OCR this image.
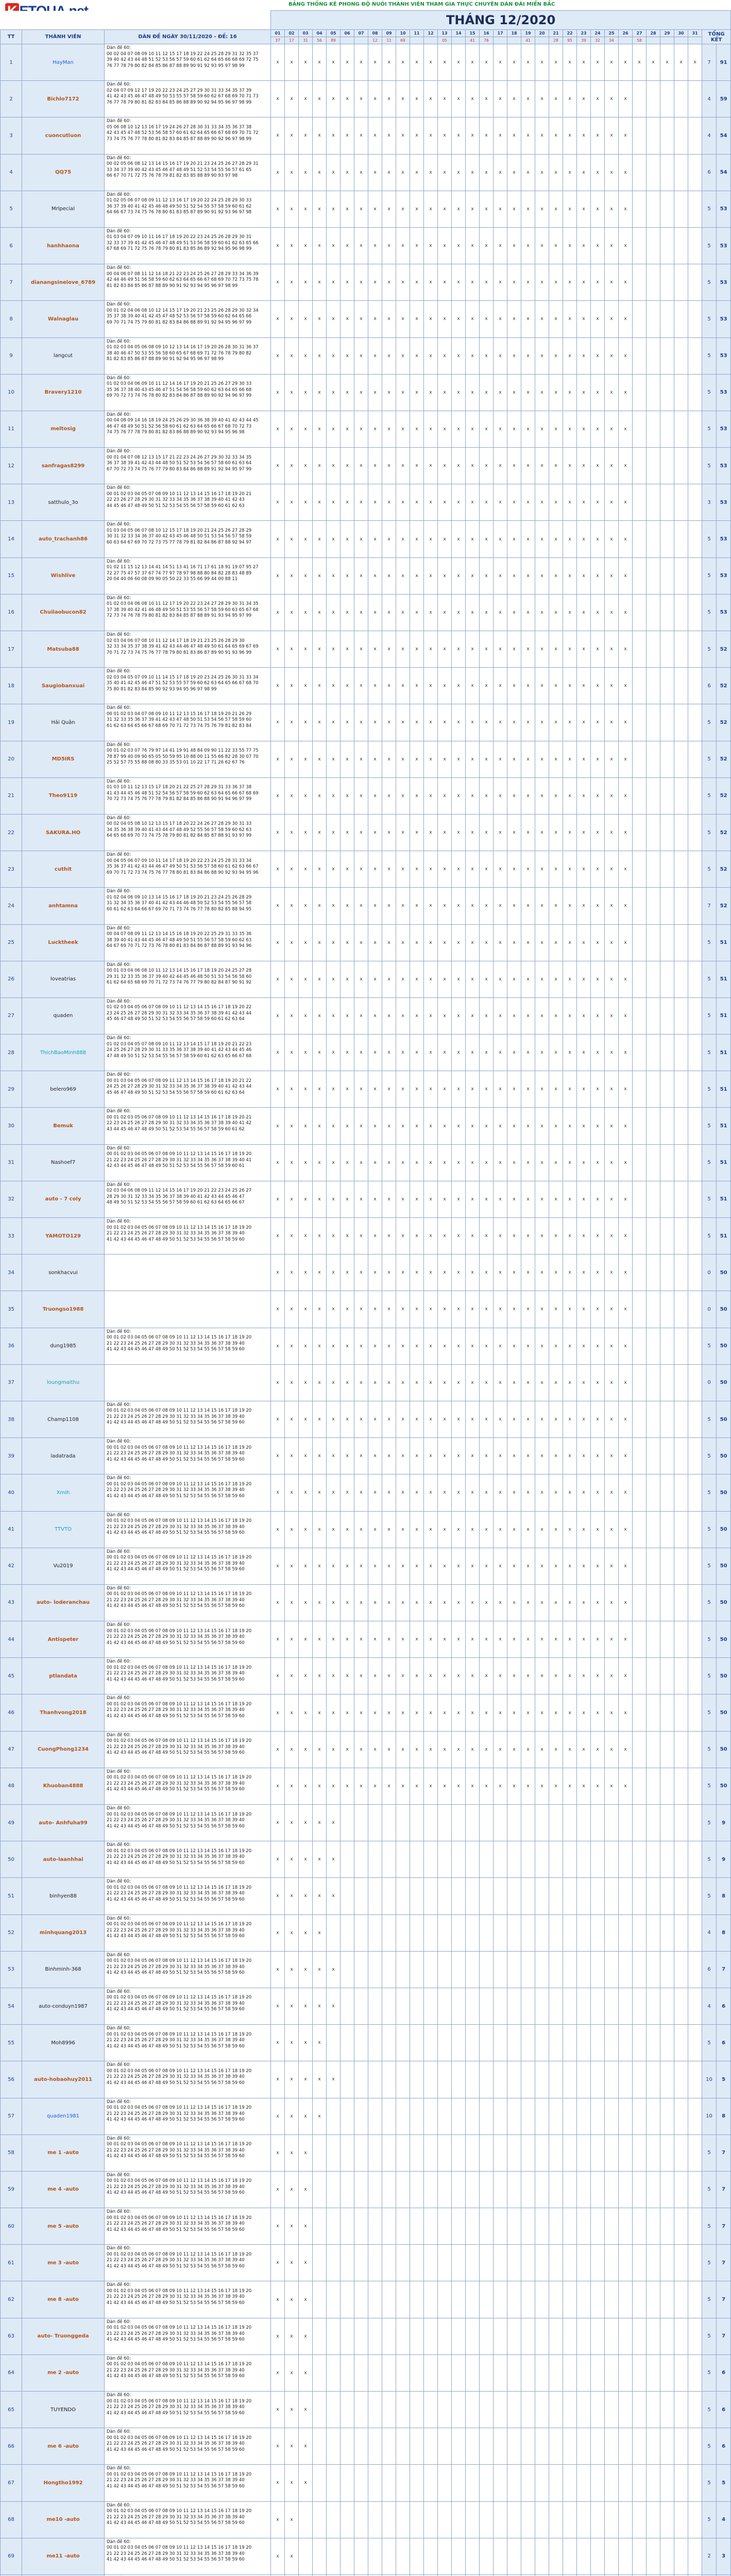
BẢNG THỐNG KÊ PHONG ĐỘ NUÔI THÀNH VIÊN THAM GIA THỰC CHUYÊN DÀN ĐÀI MIỀN BẮC
			THÁNG 12/2020																																
TT	THÀNH VIÊN	DÀN ĐỀ NGÀY 30/11/2020 - ĐỀ: 16	01	02	03	04	05	06	07	08	09	10	11	12	13	14	15	16	17	18	19	20	21	22	23	24	25	26	27	28	29	30	31	TỔNG KẾT	
			37	17	31	56	89			12	11	69			05		41	76			41		28	95	39	32	34		58						
1	HayMan	Dàn đề 60:
00 02 04 07 08 09 10 11 12 15 17 18 19 22 24 25 28 29 31 32 35 37
39 40 42 43 44 48 51 52 53 56 57 59 60 61 62 64 65 66 68 69 72 75
76 77 78 79 80 82 84 85 86 87 88 89 90 91 92 93 95 97 98 99	x	x	x	x	x	x	x	x	x	x	x	x	x	x	x	x	x	x	x	x	x	x	x	x	x	x	x	x	x	x	x	7	91
2	Bichlo7172	Dàn đề 60:
02 04 07 09 12 17 19 20 22 23 24 25 27 29 30 31 33 34 35 37 39
41 42 43 45 46 47 48 49 50 53 55 57 58 59 60 62 67 68 69 70 71 73
76 77 78 79 80 81 82 83 84 85 86 88 89 90 92 94 95 96 97 98 99	x	x	x	x	x	x	x	x	x	x	x	x	x	x	x	x	x	x	x	x	x	x	x	x	x	x						4	59
3	cuoncutluon	Dàn đề 60:
05 06 08 10 12 13 16 17 19 24 26 27 28 30 31 33 34 35 36 37 38
42 43 45 47 48 52 53 56 58 57 60 61 62 64 65 66 67 68 69 70 71 72
73 74 75 76 77 78 80 81 82 83 84 85 87 88 89 90 92 96 97 98 99	x	x	x	x	x	x	x	x	x	x	x	x	x	x	x	x	x	x	x	x	x	x	x	x	x	x						4	54
4	QQ75	Dàn đề 60:
00 02 05 06 08 12 13 14 15 16 17 19 20 21 23 24 25 26 27 28 29 31
33 34 37 39 40 42 43 45 46 47 48 49 51 52 53 54 55 56 57 61 65
66 67 70 71 72 75 76 78 79 81 82 83 85 88 89 90 93 97 98	x	x	x	x	x	x	x	x	x	x	x	x	x	x	x	x	x	x	x	x	x	x	x	x	x	x						6	54
5	Mrlpecial	Dàn đề 60:
01 02 05 06 07 08 09 11 12 13 16 17 19 20 22 24 25 28 29 30 33
36 37 39 40 41 42 45 46 48 49 50 51 52 54 55 57 58 59 60 61 62
64 66 67 73 74 75 76 78 80 81 83 85 87 89 90 91 92 93 96 97 98	x	x	x	x	x	x	x	x	x	x	x	x	x	x	x	x	x	x	x	x	x	x	x	x	x	x						5	53
6	hanhhaona	Dàn đề 60:
01 03 04 07 09 10 11 16 17 18 19 20 22 23 24 25 26 28 29 30 31
32 33 37 39 41 42 45 46 47 48 49 51 53 56 58 59 60 61 62 63 65 66
67 68 69 71 72 75 76 78 79 80 81 83 85 86 89 92 94 95 96 98 99	x	x	x	x	x	x	x	x	x	x	x	x	x	x	x	x	x	x	x	x	x	x	x	x	x	x						5	53
7	dianangsinelove_6789	Dàn đề 60:
00 04 06 07 08 11 12 14 18 21 22 23 24 25 26 27 28 29 33 34 36 39
42 44 46 49 51 56 58 59 60 62 63 64 65 66 67 68 69 70 72 73 75 78
81 82 83 84 85 86 87 88 89 90 91 92 93 94 95 96 97 98 99	x	x	x	x	x	x	x	x	x	x	x	x	x	x	x	x	x	x	x	x	x	x	x	x	x	x						5	53
8	Walnaglau	Dàn đề 60:
00 01 02 04 06 08 10 12 14 15 17 19 20 21 23 25 26 28 29 30 32 34
35 37 38 39 40 41 42 45 47 48 52 53 56 57 58 59 60 62 64 65 66
69 70 71 74 75 79 80 81 82 83 84 86 88 89 91 92 94 95 96 97 99	x	x	x	x	x	x	x	x	x	x	x	x	x	x	x	x	x	x	x	x	x	x	x	x	x	x						5	53
9	langcut	Dàn đề 60:
01 02 03 04 05 06 08 09 10 12 13 14 16 17 19 20 26 28 30 31 36 37
38 40 46 47 50 53 55 56 58 60 65 67 68 69 71 72 76 78 79 80 82
81 82 83 85 86 87 88 89 90 91 92 94 95 96 97 98 99	x	x	x	x	x	x	x	x	x	x	x	x	x	x	x	x	x	x	x	x	x	x	x	x	x	x						5	53
10	Bravery1210	Dàn đề 60:
01 02 03 04 06 09 10 11 12 14 16 17 19 20 21 25 26 27 29 30 33
35 36 37 38 40 43 45 46 47 51 54 56 58 59 60 62 63 64 65 66 68
69 70 72 73 74 76 78 80 82 83 84 86 87 88 89 90 92 94 96 97 99	x	x	x	x	x	x	x	x	x	x	x	x	x	x	x	x	x	x	x	x	x	x	x	x	x	x						5	53
11	meltosig	Dàn đề 60:
00 04 08 09 14 16 18 19 24 25 26 29 30 36 38 39 40 41 42 43 44 45
46 47 48 49 50 51 52 56 58 60 61 62 63 64 65 66 67 68 70 72 73
74 75 76 77 78 79 80 81 82 83 86 88 89 90 92 93 94 95 96 98	x	x	x	x	x	x	x	x	x	x	x	x	x	x	x	x	x	x	x	x	x	x	x	x	x	x						5	53
12	sanfragas8299	Dàn đề 60:
00 01 04 07 08 12 13 15 17 21 22 23 24 26 27 29 30 32 33 34 35
36 37 38 39 41 42 43 44 48 50 51 52 53 54 56 57 58 60 61 63 64
67 70 72 73 74 75 76 77 79 80 83 84 86 88 89 91 92 94 95 97 99	x	x	x	x	x	x	x	x	x	x	x	x	x	x	x	x	x	x	x	x	x	x	x	x	x	x						5	53
13	satthulo_3o	Dàn đề 60:
00 01 02 03 04 05 07 08 09 10 11 12 13 14 15 16 17 18 19 20 21
22 23 26 27 28 29 30 31 32 33 34 35 36 37 38 39 40 41 42 43
44 45 46 47 48 49 50 51 52 53 54 55 56 57 58 59 60 61 62 63	x	x	x	x	x	x	x	x	x	x	x	x	x	x	x	x	x	x	x	x	x	x	x	x	x	x						3	53
14	auto_trachanh86	Dàn đề 60:
01 03 04 05 06 07 08 10 12 15 17 18 19 20 21 24 25 26 27 28 29
30 31 32 33 34 36 37 40 42 43 45 46 48 50 51 53 54 56 57 58 59
60 63 64 67 69 70 72 73 75 77 78 79 81 82 84 86 87 88 92 94 97	x	x	x	x	x	x	x	x	x	x	x	x	x	x	x	x	x	x	x	x	x	x	x	x	x	x						5	53
15	Wishlive	Dàn đề 60:
01 02 11 15 12 13 14 41 14 51 13 41 16 71 17 61 18 91 19 07 95 27
72 27 75 47 57 37 67 74 77 97 78 97 98 88 80 84 82 28 83 48 89
20 04 40 06 60 08 09 90 05 50 22 33 55 66 99 44 00 88 11	x	x	x	x	x	x	x	x	x	x	x	x	x	x	x	x	x	x	x	x	x	x	x	x	x	x						5	53
16	Chuilaobucon82	Dàn đề 60:
01 02 03 04 06 08 10 11 12 17 19 20 22 23 24 27 28 29 30 31 34 35
37 38 39 40 42 41 46 48 49 50 51 53 55 56 57 58 59 60 63 65 67 68
72 73 74 76 78 79 80 81 82 83 84 85 87 88 89 91 93 94 95 97 99	x	x	x	x	x	x	x	x	x	x	x	x	x	x	x	x	x	x	x	x	x	x	x	x	x	x						5	53
17	Matsuba88	Dàn đề 60:
02 03 04 06 07 08 10 11 12 14 17 18 19 21 23 25 26 28 29 30
32 33 34 35 37 38 39 41 42 43 44 46 47 48 49 50 61 64 65 69 67 69
70 71 72 73 74 75 76 77 78 79 80 81 83 86 87 89 90 91 93 96 99	x	x	x	x	x	x	x	x	x	x	x	x	x	x	x	x	x	x	x	x	x	x	x	x	x	x						5	52
18	Saugiobanxuai	Dàn đề 60:
02 03 04 05 07 09 10 11 14 15 17 18 19 20 23 24 25 26 30 31 33 34
35 40 41 42 45 46 47 51 52 53 55 57 59 60 62 63 64 65 66 67 68 70
75 80 81 82 83 84 85 90 92 93 94 95 96 97 98 99	x	x	x	x	x	x	x	x	x	x	x	x	x	x	x	x	x	x	x	x	x	x	x	x	x	x						6	52
19	Hải Quân	Dàn đề 60:
00 01 02 03 04 07 08 09 10 11 12 13 15 16 17 18 19 20 21 26 29
31 32 33 35 36 37 39 41 42 43 47 48 50 51 53 54 56 57 58 59 60
61 62 63 64 65 66 67 68 69 70 71 72 73 74 75 76 79 81 82 83 84	x	x	x	x	x	x	x	x	x	x	x	x	x	x	x	x	x	x	x	x	x	x	x	x	x	x						5	52
20	MD5IRS	Dàn đề 60:
00 01 02 03 07 76 79 97 14 41 19 91 48 84 09 90 11 22 33 55 77 75
78 87 99 40 09 90 65 05 50 59 95 10 88 00 11 55 66 82 28 30 07 70
25 52 57 75 55 88 08 80 33 35 53 01 10 22 17 71 26 62 67 76	x	x	x	x	x	x	x	x	x	x	x	x	x	x	x	x	x	x	x	x	x	x	x	x	x	x						5	52
21	Theo9119	Dàn đề 60:
01 03 10 11 12 13 15 17 18 20 21 22 25 27 28 29 31 33 36 37 38
41 43 44 45 46 48 51 52 54 56 57 58 59 60 62 63 64 65 66 67 68 69
70 72 73 74 75 76 77 78 79 81 82 84 85 86 88 90 91 94 96 97 99	x	x	x	x	x	x	x	x	x	x	x	x	x	x	x	x	x	x	x	x	x	x	x	x	x	x						5	52
22	SAKURA.HO	Dàn đề 60:
00 02 04 05 08 10 12 13 15 17 18 20 22 24 26 27 28 29 30 31 33
34 35 36 38 39 40 41 43 44 47 48 49 52 55 56 57 58 59 60 62 63
64 65 68 69 70 73 74 75 78 79 80 81 82 84 85 87 88 91 93 97 99	x	x	x	x	x	x	x	x	x	x	x	x	x	x	x	x	x	x	x	x	x	x	x	x	x	x						5	52
23	cuthit	Dàn đề 60:
00 04 05 06 07 09 10 11 14 17 18 19 20 22 23 24 25 28 31 33 34
35 36 37 41 42 43 44 46 47 49 50 51 53 56 57 58 60 61 62 63 66 67
69 70 71 72 73 74 75 76 77 78 80 81 83 84 86 88 90 92 93 94 95 96	x	x	x	x	x	x	x	x	x	x	x	x	x	x	x	x	x	x	x	x	x	x	x	x	x	x						5	52
24	anhtamna	Dàn đề 60:
01 02 04 06 09 10 13 14 15 16 17 18 19 20 21 23 24 25 26 28 29
31 32 34 35 36 37 40 41 42 43 44 46 48 50 52 53 54 55 56 57 58
60 61 62 63 64 66 67 69 70 71 73 74 76 77 78 80 82 85 88 94 95	x	x	x	x	x	x	x	x	x	x	x	x	x	x	x	x	x	x	x	x	x	x	x	x	x	x						7	52
25	Lucktheek	Dàn đề 60:
00 04 07 08 09 11 12 13 14 15 16 18 19 20 22 25 29 31 33 35 36
38 39 40 41 43 44 45 46 47 48 49 50 51 55 56 57 58 59 60 62 63
64 67 69 70 71 72 73 76 78 80 81 83 84 86 87 88 89 91 93 94 96	x	x	x	x	x	x	x	x	x	x	x	x	x	x	x	x	x	x	x	x	x	x	x	x	x	x						5	51
26	loveatrias	Dàn đề 60:
00 01 03 04 06 08 10 11 12 13 14 15 16 17 18 19 20 24 25 27 28
29 31 32 33 35 36 37 39 40 42 44 45 46 48 50 51 53 54 56 58 60
61 62 64 65 68 69 70 71 72 73 74 76 77 79 80 82 84 87 90 91 92	x	x	x	x	x	x	x	x	x	x	x	x	x	x	x	x	x	x	x	x	x	x	x	x	x	x						5	51
27	quaden	Dàn đề 60:
01 02 03 04 05 06 07 08 09 10 11 12 13 14 15 16 17 18 19 20 22
23 24 25 26 27 28 29 30 31 32 33 34 35 36 37 38 39 41 42 43 44
45 46 47 48 49 50 51 52 53 54 55 56 57 58 59 60 61 62 63 64	x	x	x	x	x	x	x	x	x	x	x	x	x	x	x	x	x	x	x	x	x	x	x	x	x	x						5	51
28	ThichBaoMinh888	Dàn đề 60:
01 02 03 04 05 07 08 09 10 11 12 13 14 15 17 18 19 20 21 22 23
24 25 26 27 28 29 30 31 33 35 36 37 38 39 40 41 42 43 44 45 46
47 48 49 50 51 52 53 54 55 56 57 58 59 60 61 62 63 65 66 67 68	x	x	x	x	x	x	x	x	x	x	x	x	x	x	x	x	x	x	x	x	x	x	x	x	x	x						5	51
29	belero969	Dàn đề 60:
00 01 03 04 05 06 07 08 09 11 12 13 14 15 16 17 18 19 20 21 22
24 25 26 27 28 29 30 31 32 33 34 35 36 37 38 39 40 41 42 43 44
45 46 47 48 49 50 51 52 53 54 55 56 57 58 59 60 61 62 63 64	x	x	x	x	x	x	x	x	x	x	x	x	x	x	x	x	x	x	x	x	x	x	x	x	x	x						5	51
30	Bemuk	Dàn đề 60:
00 01 02 03 05 06 07 08 09 10 11 12 13 14 15 16 17 18 19 20 21
22 23 24 25 26 27 28 29 30 31 32 33 34 35 36 37 38 39 40 41 42
43 44 45 46 47 48 49 50 51 52 53 54 55 56 57 58 59 60 61 62	x	x	x	x	x	x	x	x	x	x	x	x	x	x	x	x	x	x	x	x	x	x	x	x	x	x						5	51
31	Nashoef7	Dàn đề 60:
00 01 02 03 04 05 06 07 08 09 10 11 12 13 14 15 16 17 18 19 20
21 22 23 24 25 26 27 28 29 30 31 32 33 34 35 36 37 38 39 40 41
42 43 44 45 46 47 48 49 50 51 52 53 54 55 56 57 58 59 60 61	x	x	x	x	x	x	x	x	x	x	x	x	x	x	x	x	x	x	x	x	x	x	x	x	x	x						5	51
32	auto - 7 coly	Dàn đề 60:
02 03 04 06 08 09 11 12 14 15 16 17 19 20 21 22 23 24 25 26 27
28 29 30 31 32 33 34 35 36 37 38 39 40 41 42 43 44 45 46 47
48 49 50 51 52 53 54 55 56 57 58 59 60 61 62 63 64 65 66 67	x	x	x	x	x	x	x	x	x	x	x	x	x	x	x	x	x	x	x	x	x	x	x	x	x	x						5	51
33	YAMOTO129	Dàn đề 60:
00 01 02 03 04 05 06 07 08 09 10 11 12 13 14 15 16 17 18 19 20
21 22 23 24 25 26 27 28 29 30 31 32 33 34 35 36 37 38 39 40
41 42 43 44 45 46 47 48 49 50 51 52 53 54 55 56 57 58 59 60	x	x	x	x	x	x	x	x	x	x	x	x	x	x	x	x	x	x	x	x	x	x	x	x	x	x						5	51
34	sonkhacvui		x	x	x	x	x	x	x	x	x	x	x	x	x	x	x	x	x	x	x	x	x	x	x	x	x	x						0	50
35	Truongso1988		x	x	x	x	x	x	x	x	x	x	x	x	x	x	x	x	x	x	x	x	x	x	x	x	x	x						0	50
36	dung1985	Dàn đề 60:
00 01 02 03 04 05 06 07 08 09 10 11 12 13 14 15 16 17 18 19 20
21 22 23 24 25 26 27 28 29 30 31 32 33 34 35 36 37 38 39 40
41 42 43 44 45 46 47 48 49 50 51 52 53 54 55 56 57 58 59 60	x	x	x	x	x	x	x	x	x	x	x	x	x	x	x	x	x	x	x	x	x	x	x	x	x	x						5	50
37	loungmaithu		x	x	x	x	x	x	x	x	x	x	x	x	x	x	x	x	x	x	x	x	x	x	x	x	x	x						0	50
38	Champ1108	Dàn đề 60:
00 01 02 03 04 05 06 07 08 09 10 11 12 13 14 15 16 17 18 19 20
21 22 23 24 25 26 27 28 29 30 31 32 33 34 35 36 37 38 39 40
41 42 43 44 45 46 47 48 49 50 51 52 53 54 55 56 57 58 59 60	x	x	x	x	x	x	x	x	x	x	x	x	x	x	x	x	x	x	x	x	x	x	x	x	x	x						5	50
39	ladatrada	Dàn đề 60:
00 01 02 03 04 05 06 07 08 09 10 11 12 13 14 15 16 17 18 19 20
21 22 23 24 25 26 27 28 29 30 31 32 33 34 35 36 37 38 39 40
41 42 43 44 45 46 47 48 49 50 51 52 53 54 55 56 57 58 59 60	x	x	x	x	x	x	x	x	x	x	x	x	x	x	x	x	x	x	x	x	x	x	x	x	x	x						5	50
40	Xmih	Dàn đề 60:
00 01 02 03 04 05 06 07 08 09 10 11 12 13 14 15 16 17 18 19 20
21 22 23 24 25 26 27 28 29 30 31 32 33 34 35 36 37 38 39 40
41 42 43 44 45 46 47 48 49 50 51 52 53 54 55 56 57 58 59 60	x	x	x	x	x	x	x	x	x	x	x	x	x	x	x	x	x	x	x	x	x	x	x	x	x	x						5	50
41	TTVTO	Dàn đề 60:
00 01 02 03 04 05 06 07 08 09 10 11 12 13 14 15 16 17 18 19 20
21 22 23 24 25 26 27 28 29 30 31 32 33 34 35 36 37 38 39 40
41 42 43 44 45 46 47 48 49 50 51 52 53 54 55 56 57 58 59 60	x	x	x	x	x	x	x	x	x	x	x	x	x	x	x	x	x	x	x	x	x	x	x	x	x	x						5	50
42	Vu2019	Dàn đề 60:
00 01 02 03 04 05 06 07 08 09 10 11 12 13 14 15 16 17 18 19 20
21 22 23 24 25 26 27 28 29 30 31 32 33 34 35 36 37 38 39 40
41 42 43 44 45 46 47 48 49 50 51 52 53 54 55 56 57 58 59 60	x	x	x	x	x	x	x	x	x	x	x	x	x	x	x	x	x	x	x	x	x	x	x	x	x	x						5	50
43	auto- loderanchau	Dàn đề 60:
00 01 02 03 04 05 06 07 08 09 10 11 12 13 14 15 16 17 18 19 20
21 22 23 24 25 26 27 28 29 30 31 32 33 34 35 36 37 38 39 40
41 42 43 44 45 46 47 48 49 50 51 52 53 54 55 56 57 58 59 60	x	x	x	x	x	x	x	x	x	x	x	x	x	x	x	x	x	x	x	x	x	x	x	x	x	x						5	50
44	Antispeter	Dàn đề 60:
00 01 02 03 04 05 06 07 08 09 10 11 12 13 14 15 16 17 18 19 20
21 22 23 24 25 26 27 28 29 30 31 32 33 34 35 36 37 38 39 40
41 42 43 44 45 46 47 48 49 50 51 52 53 54 55 56 57 58 59 60	x	x	x	x	x	x	x	x	x	x	x	x	x	x	x	x	x	x	x	x	x	x	x	x	x	x						5	50
45	ptlandata	Dàn đề 60:
00 01 02 03 04 05 06 07 08 09 10 11 12 13 14 15 16 17 18 19 20
21 22 23 24 25 26 27 28 29 30 31 32 33 34 35 36 37 38 39 40
41 42 43 44 45 46 47 48 49 50 51 52 53 54 55 56 57 58 59 60	x	x	x	x	x	x	x	x	x	x	x	x	x	x	x	x	x	x	x	x	x	x	x	x	x	x						5	50
46	Thanhvong2018	Dàn đề 60:
00 01 02 03 04 05 06 07 08 09 10 11 12 13 14 15 16 17 18 19 20
21 22 23 24 25 26 27 28 29 30 31 32 33 34 35 36 37 38 39 40
41 42 43 44 45 46 47 48 49 50 51 52 53 54 55 56 57 58 59 60	x	x	x	x	x	x	x	x	x	x	x	x	x	x	x	x	x	x	x	x	x	x	x	x	x	x						5	50
47	CuongPhong1234	Dàn đề 60:
00 01 02 03 04 05 06 07 08 09 10 11 12 13 14 15 16 17 18 19 20
21 22 23 24 25 26 27 28 29 30 31 32 33 34 35 36 37 38 39 40
41 42 43 44 45 46 47 48 49 50 51 52 53 54 55 56 57 58 59 60	x	x	x	x	x	x	x	x	x	x	x	x	x	x	x	x	x	x	x	x	x	x	x	x	x	x						5	50
48	Khuoban4888	Dàn đề 60:
00 01 02 03 04 05 06 07 08 09 10 11 12 13 14 15 16 17 18 19 20
21 22 23 24 25 26 27 28 29 30 31 32 33 34 35 36 37 38 39 40
41 42 43 44 45 46 47 48 49 50 51 52 53 54 55 56 57 58 59 60	x	x	x	x	x	x	x	x	x	x	x	x	x	x	x	x	x	x	x	x	x	x	x	x	x	x						5	50
49	auto- Anhfuha99	Dàn đề 60:
00 01 02 03 04 05 06 07 08 09 10 11 12 13 14 15 16 17 18 19 20
21 22 23 24 25 26 27 28 29 30 31 32 33 34 35 36 37 38 39 40
41 42 43 44 45 46 47 48 49 50 51 52 53 54 55 56 57 58 59 60	x	x	x	x	x																											5	9
50	auto-laanhhai	Dàn đề 60:
00 01 02 03 04 05 06 07 08 09 10 11 12 13 14 15 16 17 18 19 20
21 22 23 24 25 26 27 28 29 30 31 32 33 34 35 36 37 38 39 40
41 42 43 44 45 46 47 48 49 50 51 52 53 54 55 56 57 58 59 60	x	x	x	x	x																											5	9
51	binhyen88	Dàn đề 60:
00 01 02 03 04 05 06 07 08 09 10 11 12 13 14 15 16 17 18 19 20
21 22 23 24 25 26 27 28 29 30 31 32 33 34 35 36 37 38 39 40
41 42 43 44 45 46 47 48 49 50 51 52 53 54 55 56 57 58 59 60	x	x	x	x	x																											5	8
52	minhquang2013	Dàn đề 60:
00 01 02 03 04 05 06 07 08 09 10 11 12 13 14 15 16 17 18 19 20
21 22 23 24 25 26 27 28 29 30 31 32 33 34 35 36 37 38 39 40
41 42 43 44 45 46 47 48 49 50 51 52 53 54 55 56 57 58 59 60	x	x	x	x																												4	8
53	Binhminh-368	Dàn đề 60:
00 01 02 03 04 05 06 07 08 09 10 11 12 13 14 15 16 17 18 19 20
21 22 23 24 25 26 27 28 29 30 31 32 33 34 35 36 37 38 39 40
41 42 43 44 45 46 47 48 49 50 51 52 53 54 55 56 57 58 59 60	x	x	x	x	x																											6	7
54	auto-conduyn1987	Dàn đề 60:
00 01 02 03 04 05 06 07 08 09 10 11 12 13 14 15 16 17 18 19 20
21 22 23 24 25 26 27 28 29 30 31 32 33 34 35 36 37 38 39 40
41 42 43 44 45 46 47 48 49 50 51 52 53 54 55 56 57 58 59 60	x	x	x	x	x																											4	6
55	Moh8996	Dàn đề 60:
00 01 02 03 04 05 06 07 08 09 10 11 12 13 14 15 16 17 18 19 20
21 22 23 24 25 26 27 28 29 30 31 32 33 34 35 36 37 38 39 40
41 42 43 44 45 46 47 48 49 50 51 52 53 54 55 56 57 58 59 60	x	x	x	x																												5	6
56	auto-hobaohuy2011	Dàn đề 60:
00 01 02 03 04 05 06 07 08 09 10 11 12 13 14 15 16 17 18 19 20
21 22 23 24 25 26 27 28 29 30 31 32 33 34 35 36 37 38 39 40
41 42 43 44 45 46 47 48 49 50 51 52 53 54 55 56 57 58 59 60	x	x	x	x	x																											10	5
57	quaden1981	Dàn đề 60:
00 01 02 03 04 05 06 07 08 09 10 11 12 13 14 15 16 17 18 19 20
21 22 23 24 25 26 27 28 29 30 31 32 33 34 35 36 37 38 39 40
41 42 43 44 45 46 47 48 49 50 51 52 53 54 55 56 57 58 59 60	x	x	x	x																												10	8
58	me 1 -auto	Dàn đề 60:
00 01 02 03 04 05 06 07 08 09 10 11 12 13 14 15 16 17 18 19 20
21 22 23 24 25 26 27 28 29 30 31 32 33 34 35 36 37 38 39 40
41 42 43 44 45 46 47 48 49 50 51 52 53 54 55 56 57 58 59 60	x	x	x																													5	7
59	me 4 -auto	Dàn đề 60:
00 01 02 03 04 05 06 07 08 09 10 11 12 13 14 15 16 17 18 19 20
21 22 23 24 25 26 27 28 29 30 31 32 33 34 35 36 37 38 39 40
41 42 43 44 45 46 47 48 49 50 51 52 53 54 55 56 57 58 59 60	x	x	x																													5	7
60	me 5 -auto	Dàn đề 60:
00 01 02 03 04 05 06 07 08 09 10 11 12 13 14 15 16 17 18 19 20
21 22 23 24 25 26 27 28 29 30 31 32 33 34 35 36 37 38 39 40
41 42 43 44 45 46 47 48 49 50 51 52 53 54 55 56 57 58 59 60	x	x	x																													5	7
61	me 3 -auto	Dàn đề 60:
00 01 02 03 04 05 06 07 08 09 10 11 12 13 14 15 16 17 18 19 20
21 22 23 24 25 26 27 28 29 30 31 32 33 34 35 36 37 38 39 40
41 42 43 44 45 46 47 48 49 50 51 52 53 54 55 56 57 58 59 60	x	x	x																													5	7
62	me 8 -auto	Dàn đề 60:
00 01 02 03 04 05 06 07 08 09 10 11 12 13 14 15 16 17 18 19 20
21 22 23 24 25 26 27 28 29 30 31 32 33 34 35 36 37 38 39 40
41 42 43 44 45 46 47 48 49 50 51 52 53 54 55 56 57 58 59 60	x	x	x																													5	7
63	auto- Truonggeda	Dàn đề 60:
00 01 02 03 04 05 06 07 08 09 10 11 12 13 14 15 16 17 18 19 20
21 22 23 24 25 26 27 28 29 30 31 32 33 34 35 36 37 38 39 40
41 42 43 44 45 46 47 48 49 50 51 52 53 54 55 56 57 58 59 60	x	x	x																													5	7
64	me 2 -auto	Dàn đề 60:
00 01 02 03 04 05 06 07 08 09 10 11 12 13 14 15 16 17 18 19 20
21 22 23 24 25 26 27 28 29 30 31 32 33 34 35 36 37 38 39 40
41 42 43 44 45 46 47 48 49 50 51 52 53 54 55 56 57 58 59 60	x	x	x																													5	6
65	TUYENDO	Dàn đề 60:
00 01 02 03 04 05 06 07 08 09 10 11 12 13 14 15 16 17 18 19 20
21 22 23 24 25 26 27 28 29 30 31 32 33 34 35 36 37 38 39 40
41 42 43 44 45 46 47 48 49 50 51 52 53 54 55 56 57 58 59 60	x	x	x																													5	6
66	me 6 -auto	Dàn đề 60:
00 01 02 03 04 05 06 07 08 09 10 11 12 13 14 15 16 17 18 19 20
21 22 23 24 25 26 27 28 29 30 31 32 33 34 35 36 37 38 39 40
41 42 43 44 45 46 47 48 49 50 51 52 53 54 55 56 57 58 59 60	x	x	x																													5	6
67	Hongtho1992	Dàn đề 60:
00 01 02 03 04 05 06 07 08 09 10 11 12 13 14 15 16 17 18 19 20
21 22 23 24 25 26 27 28 29 30 31 32 33 34 35 36 37 38 39 40
41 42 43 44 45 46 47 48 49 50 51 52 53 54 55 56 57 58 59 60	x	x	x																													5	5
68	me10 -auto	Dàn đề 60:
00 01 02 03 04 05 06 07 08 09 10 11 12 13 14 15 16 17 18 19 20
21 22 23 24 25 26 27 28 29 30 31 32 33 34 35 36 37 38 39 40
41 42 43 44 45 46 47 48 49 50 51 52 53 54 55 56 57 58 59 60	x	x																														5	4
69	me11 -auto	Dàn đề 60:
00 01 02 03 04 05 06 07 08 09 10 11 12 13 14 15 16 17 18 19 20
21 22 23 24 25 26 27 28 29 30 31 32 33 34 35 36 37 38 39 40
41 42 43 44 45 46 47 48 49 50 51 52 53 54 55 56 57 58 59 60	x	x																														2	3
